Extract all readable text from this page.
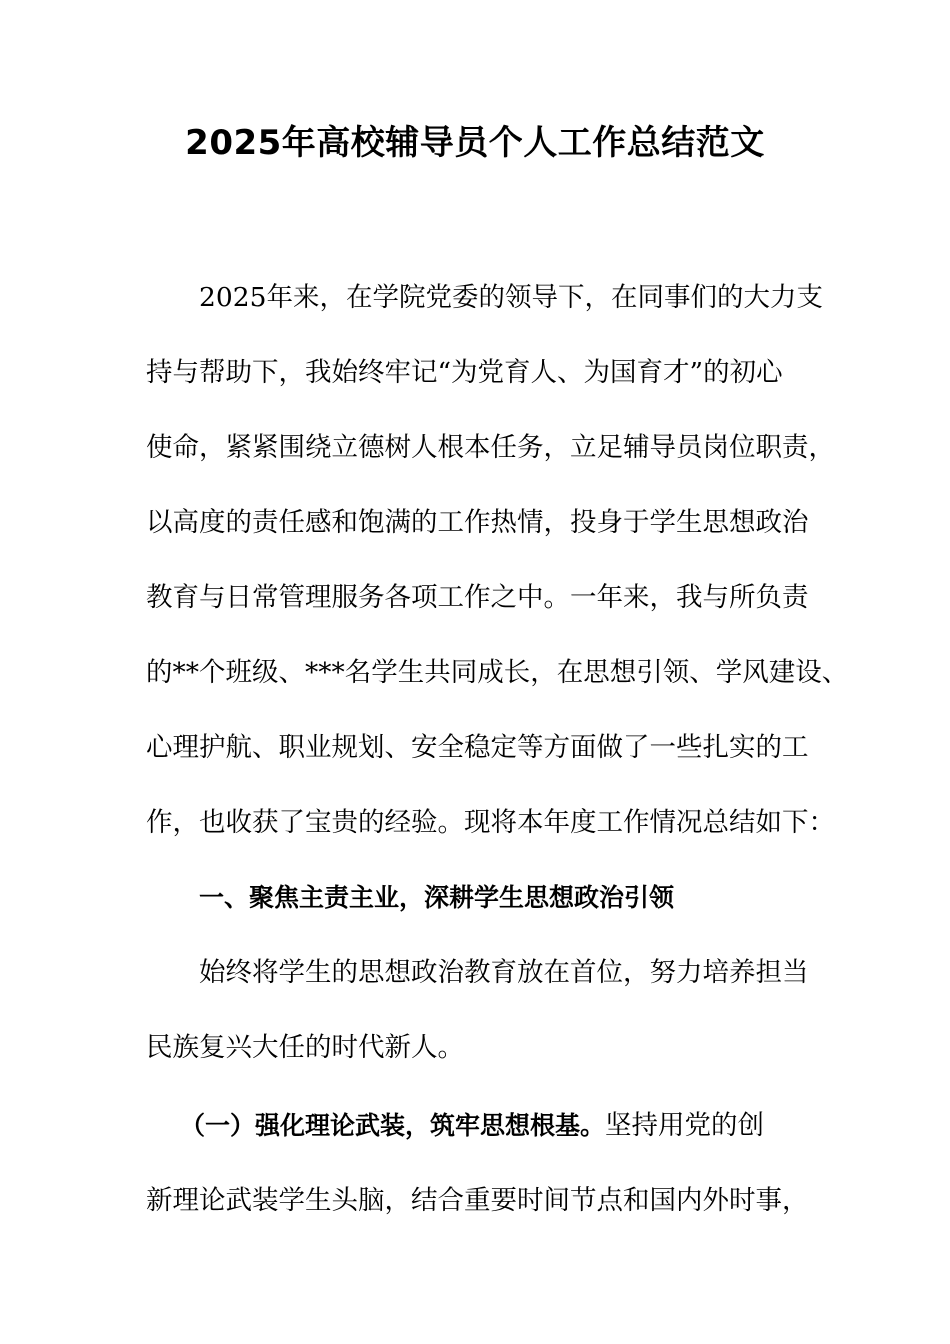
2025年高校辅导员个人工作总结范文

2025年来，在学院党委的领导下，在同事们的大力支

持与帮助下，我始终牢记“为党育人、为国育才”的初心

使命，紧紧围绕立德树人根本任务，立足辅导员岗位职责，

以高度的责任感和饱满的工作热情，投身于学生思想政治

教育与日常管理服务各项工作之中。一年来，我与所负责

的**个班级、***名学生共同成长，在思想引领、学风建设、

心理护航、职业规划、安全稳定等方面做了一些扎实的工

作，也收获了宝贵的经验。现将本年度工作情况总结如下：

一、聚焦主责主业，深耕学生思想政治引领

始终将学生的思想政治教育放在首位，努力培养担当

民族复兴大任的时代新人。

（一）强化理论武装，筑牢思想根基。坚持用党的创

新理论武装学生头脑，结合重要时间节点和国内外时事，
